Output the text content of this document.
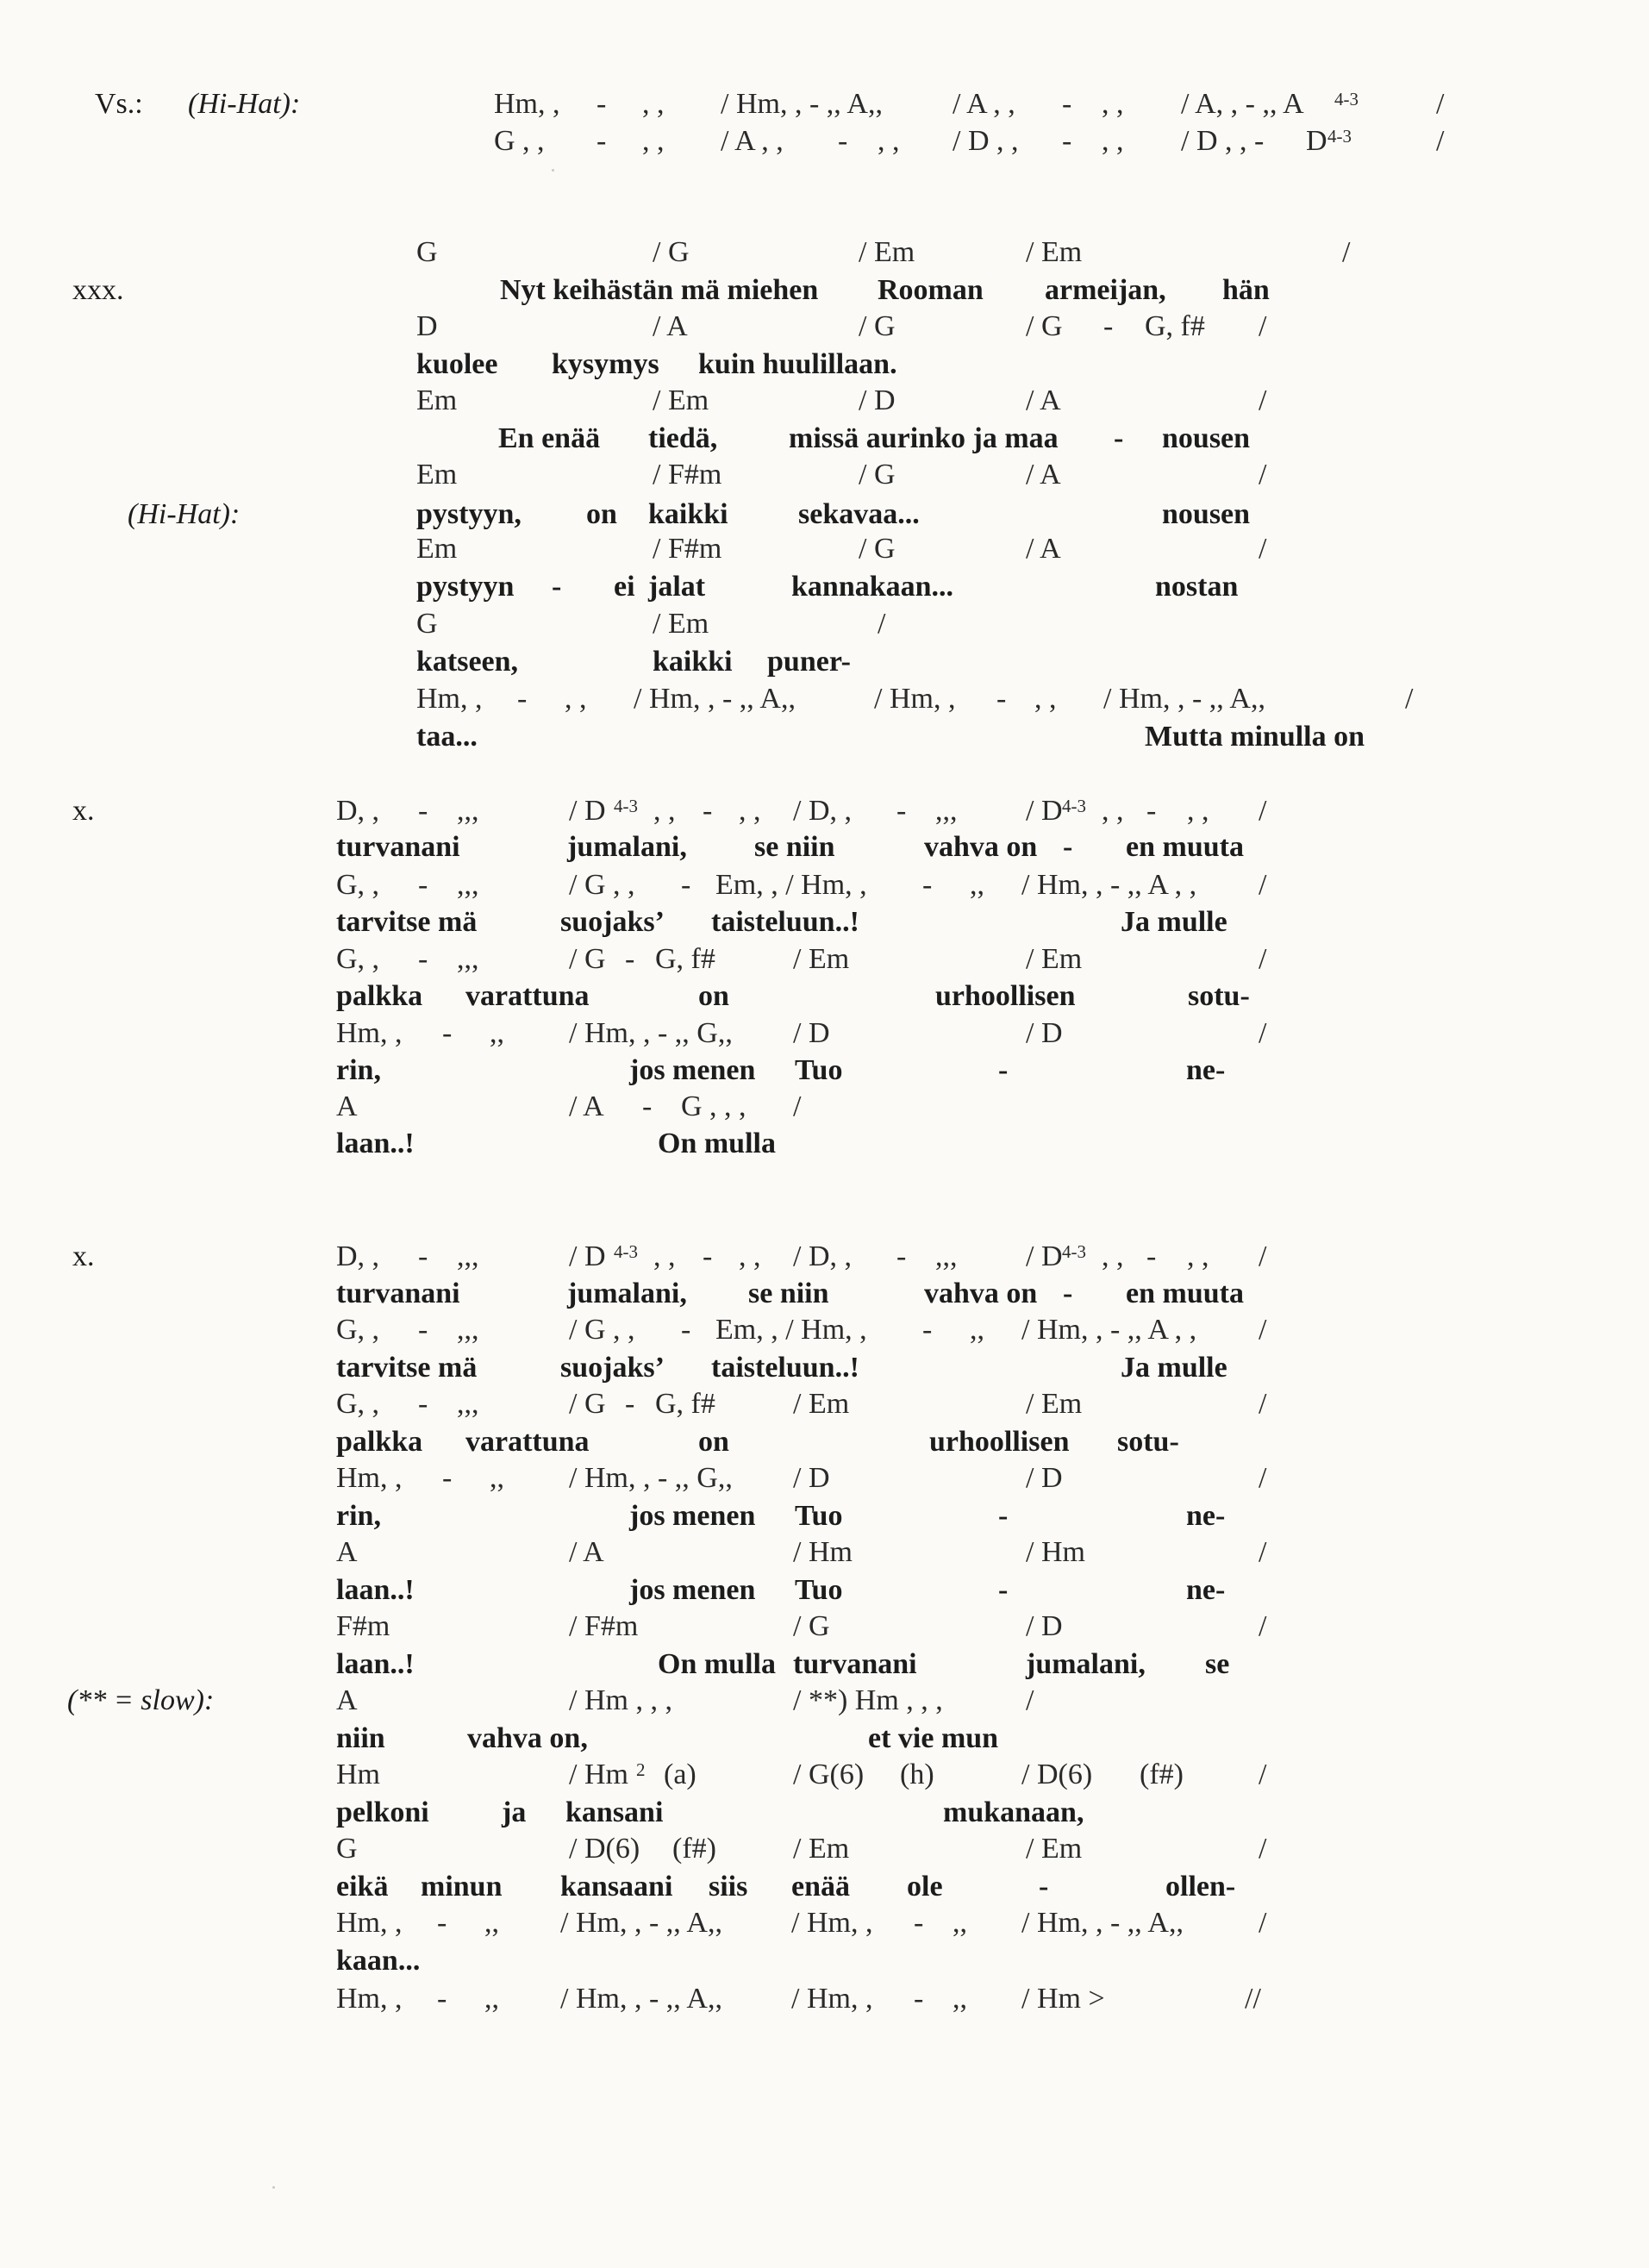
Vs.: (Hi-Hat):	Hm, , - , , / Hm, , - ,, A,, / A , , - , , / A, , - ,, A $^{4-3}$	/
G , , - , , / A , , - , , / D , , - , , / D , , - D $^{4-3}$	/
xxx.
(Hi-Hat):
G	/ G	/ Em	/ Em	/
Nyt keihästän mä miehen Rooman armeijan, hän
D	/ A	/ G	/ G - G, f# /
kuolee kysymys kuin huulillaan.
Em	/ Em	/ D	/ A	/
En enää tiedä, missä aurinko ja maa - nousen
Em	/ F#m	/ G	/ A	/
pystyyn, on kaikki sekavaa...	nousen
Em	/ F#m	/ G	/ A	/
pystyyn - ei jalat	kannakaan...	nostan
G	/ Em	/
katseen,	kaikki puner-
Hm, , - , , / Hm, , - ,, A,,	/ Hm, , - , , / Hm, , - ,, A,,	/
taa...	Mutta minulla on
x.	D, , - ,,,	/ D $^{4-3}$ , , - , , / D, , - ,,, / D $^{4-3}$ , , - , , /
turvanani	jumalani, se niin	vahva on - en muuta
G, , - ,,,	/ G , , - Em, , / Hm, , - ,, / Hm, , - ,, A , , /
tarvitse mä	suojaks’ taisteluun..!	Ja mulle
G, , - ,,,	/ G - G, f#	/ Em	/ Em	/
palkka varattuna	on	urhoollisen	sotu-
Hm, , - ,, / Hm, , - ,, G,, / D	/ D	/
rin,	jos menen Tuo	-	ne-
A	/ A - G , , , /
laan..!	On mulla
x.
(** = slow):
D, , - ,,,	/ D $^{4-3}$ , , - , , / D, , - ,,, / D $^{4-3}$ , , - , , /
turvanani	jumalani, se niin	vahva on - en muuta
G, , - ,,,	/ G , , - Em, , / Hm, , - ,, / Hm, , - ,, A , , /
tarvitse mä	suojaks’ taisteluun..!	Ja mulle
G, , - ,,,	/ G - G, f#	/ Em	/ Em	/
palkka varattuna	on	urhoollisen sotu-
Hm, , - ,, / Hm, , - ,, G,, / D	/ D	/
rin,	jos menen Tuo	-	ne-
A	/ A	/ Hm	/ Hm	/
laan..!	jos menen Tuo	-	ne-
F#m	/ F#m	/ G	/ D	/
laan..!	On mulla turvanani	jumalani, se
A	/ Hm , , ,	/ **) Hm , , ,	/
niin	vahva on,	et vie mun
Hm	/ Hm $^2$ (a)	/ G(6) (h)	/ D(6) (f#)	/
pelkoni ja kansani	mukanaan,
G	/ D(6) (f#)	/ Em	/ Em	/
eikä minun kansaani siis enää ole	-	ollen-
Hm, , - ,, / Hm, , - ,, A,, / Hm, , - ,, / Hm, , - ,, A,,	/
kaan...
Hm, , - ,, / Hm, , - ,, A,, / Hm, , - ,, / Hm >	//
